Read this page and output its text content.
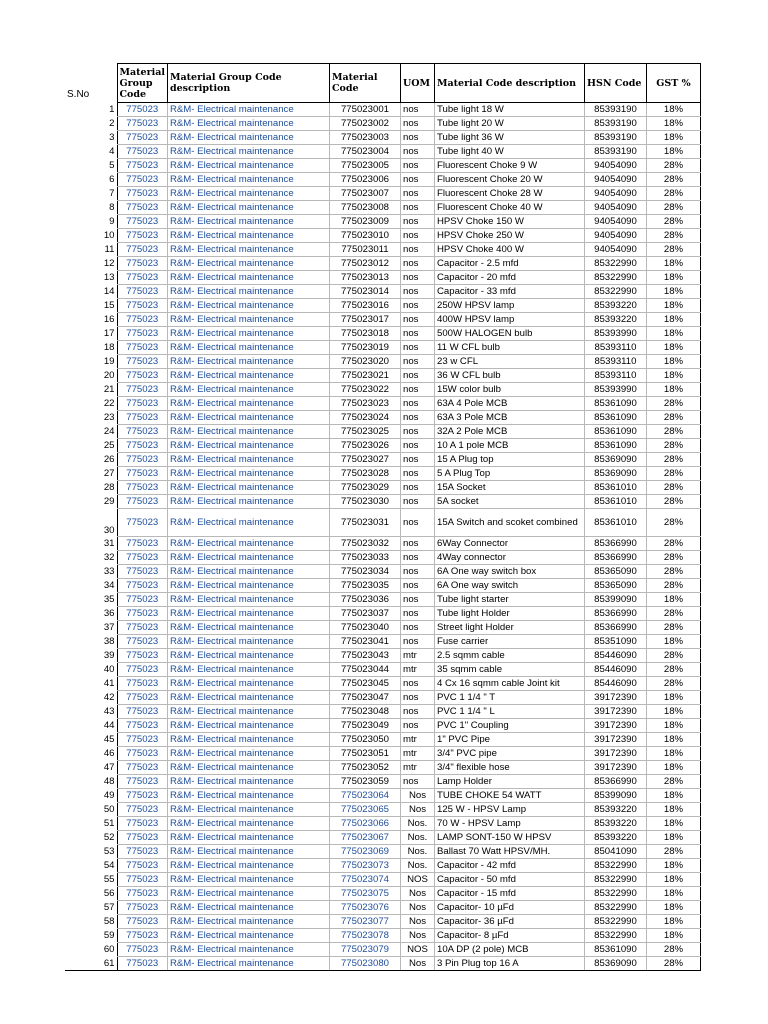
S.No
	Material Group Code	Material Group Code description	Material Code	UOM	Material Code description	HSN Code	GST %
1	775023	R&M- Electrical maintenance	775023001	nos	Tube light 18 W	85393190	18%
2	775023	R&M- Electrical maintenance	775023002	nos	Tube light 20 W	85393190	18%
3	775023	R&M- Electrical maintenance	775023003	nos	Tube light 36 W	85393190	18%
4	775023	R&M- Electrical maintenance	775023004	nos	Tube light 40 W	85393190	18%
5	775023	R&M- Electrical maintenance	775023005	nos	Fluorescent Choke 9 W	94054090	28%
6	775023	R&M- Electrical maintenance	775023006	nos	Fluorescent Choke 20 W	94054090	28%
7	775023	R&M- Electrical maintenance	775023007	nos	Fluorescent Choke 28 W	94054090	28%
8	775023	R&M- Electrical maintenance	775023008	nos	Fluorescent Choke 40 W	94054090	28%
9	775023	R&M- Electrical maintenance	775023009	nos	HPSV Choke 150 W	94054090	28%
10	775023	R&M- Electrical maintenance	775023010	nos	HPSV Choke 250 W	94054090	28%
11	775023	R&M- Electrical maintenance	775023011	nos	HPSV Choke 400 W	94054090	28%
12	775023	R&M- Electrical maintenance	775023012	nos	Capacitor - 2.5 mfd	85322990	18%
13	775023	R&M- Electrical maintenance	775023013	nos	Capacitor - 20 mfd	85322990	18%
14	775023	R&M- Electrical maintenance	775023014	nos	Capacitor - 33 mfd	85322990	18%
15	775023	R&M- Electrical maintenance	775023016	nos	250W HPSV lamp	85393220	18%
16	775023	R&M- Electrical maintenance	775023017	nos	400W HPSV lamp	85393220	18%
17	775023	R&M- Electrical maintenance	775023018	nos	500W HALOGEN bulb	85393990	18%
18	775023	R&M- Electrical maintenance	775023019	nos	11 W CFL bulb	85393110	18%
19	775023	R&M- Electrical maintenance	775023020	nos	23 w CFL	85393110	18%
20	775023	R&M- Electrical maintenance	775023021	nos	36 W CFL bulb	85393110	18%
21	775023	R&M- Electrical maintenance	775023022	nos	15W color bulb	85393990	18%
22	775023	R&M- Electrical maintenance	775023023	nos	63A 4 Pole MCB	85361090	28%
23	775023	R&M- Electrical maintenance	775023024	nos	63A 3 Pole MCB	85361090	28%
24	775023	R&M- Electrical maintenance	775023025	nos	32A 2 Pole MCB	85361090	28%
25	775023	R&M- Electrical maintenance	775023026	nos	10 A 1 pole MCB	85361090	28%
26	775023	R&M- Electrical maintenance	775023027	nos	15 A Plug top	85369090	28%
27	775023	R&M- Electrical maintenance	775023028	nos	5 A Plug Top	85369090	28%
28	775023	R&M- Electrical maintenance	775023029	nos	15A Socket	85361010	28%
29	775023	R&M- Electrical maintenance	775023030	nos	5A socket	85361010	28%
30	775023	R&M- Electrical maintenance	775023031	nos	15A Switch and scoket combined	85361010	28%
31	775023	R&M- Electrical maintenance	775023032	nos	6Way Connector	85366990	28%
32	775023	R&M- Electrical maintenance	775023033	nos	4Way connector	85366990	28%
33	775023	R&M- Electrical maintenance	775023034	nos	6A One way switch box	85365090	28%
34	775023	R&M- Electrical maintenance	775023035	nos	6A One way switch	85365090	28%
35	775023	R&M- Electrical maintenance	775023036	nos	Tube light starter	85399090	18%
36	775023	R&M- Electrical maintenance	775023037	nos	Tube light Holder	85366990	28%
37	775023	R&M- Electrical maintenance	775023040	nos	Street light Holder	85366990	28%
38	775023	R&M- Electrical maintenance	775023041	nos	Fuse carrier	85351090	18%
39	775023	R&M- Electrical maintenance	775023043	mtr	2.5 sqmm cable	85446090	28%
40	775023	R&M- Electrical maintenance	775023044	mtr	35 sqmm cable	85446090	28%
41	775023	R&M- Electrical maintenance	775023045	nos	4 Cx 16 sqmm cable Joint kit	85446090	28%
42	775023	R&M- Electrical maintenance	775023047	nos	PVC 1 1/4 " T	39172390	18%
43	775023	R&M- Electrical maintenance	775023048	nos	PVC 1 1/4 " L	39172390	18%
44	775023	R&M- Electrical maintenance	775023049	nos	PVC 1" Coupling	39172390	18%
45	775023	R&M- Electrical maintenance	775023050	mtr	1" PVC Pipe	39172390	18%
46	775023	R&M- Electrical maintenance	775023051	mtr	3/4" PVC pipe	39172390	18%
47	775023	R&M- Electrical maintenance	775023052	mtr	3/4" flexible hose	39172390	18%
48	775023	R&M- Electrical maintenance	775023059	nos	Lamp Holder	85366990	28%
49	775023	R&M- Electrical maintenance	775023064	Nos	TUBE CHOKE 54 WATT	85399090	18%
50	775023	R&M- Electrical maintenance	775023065	Nos	125 W - HPSV Lamp	85393220	18%
51	775023	R&M- Electrical maintenance	775023066	Nos.	70 W - HPSV Lamp	85393220	18%
52	775023	R&M- Electrical maintenance	775023067	Nos.	LAMP SONT-150 W HPSV	85393220	18%
53	775023	R&M- Electrical maintenance	775023069	Nos.	Ballast 70 Watt HPSV/MH.	85041090	28%
54	775023	R&M- Electrical maintenance	775023073	Nos.	Capacitor - 42 mfd	85322990	18%
55	775023	R&M- Electrical maintenance	775023074	NOS	Capacitor - 50 mfd	85322990	18%
56	775023	R&M- Electrical maintenance	775023075	Nos	Capacitor - 15 mfd	85322990	18%
57	775023	R&M- Electrical maintenance	775023076	Nos	Capacitor- 10 µFd	85322990	18%
58	775023	R&M- Electrical maintenance	775023077	Nos	Capacitor- 36 µFd	85322990	18%
59	775023	R&M- Electrical maintenance	775023078	Nos	Capacitor- 8 µFd	85322990	18%
60	775023	R&M- Electrical maintenance	775023079	NOS	10A DP (2 pole) MCB	85361090	28%
61	775023	R&M- Electrical maintenance	775023080	Nos	3 Pin Plug top 16 A	85369090	28%
